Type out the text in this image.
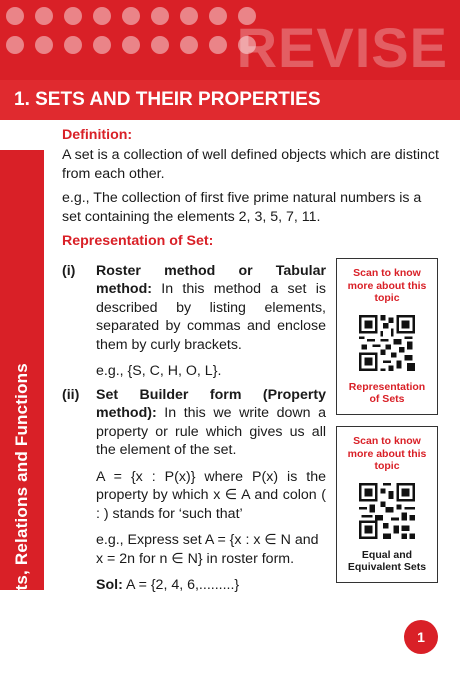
REVISE
1. SETS AND THEIR PROPERTIES
Unit - I: Sets, Relations and Functions
Definition:
A set is a collection of well defined objects which are distinct from each other.
e.g., The collection of first five prime natural numbers is a set containing the elements 2, 3, 5, 7, 11.
Representation of Set:
(i) Roster method or Tabular method: In this method a set is described by listing elements, separated by commas and enclose them by curly brackets.
e.g., {S, C, H, O, L}.
(ii) Set Builder form (Property method): In this we write down a property or rule which gives us all the element of the set.
A = {x : P(x)} where P(x) is the property by which x ∈ A and colon ( : ) stands for ‘such that’
e.g., Express set A = {x : x ∈ N and x = 2n for n ∈ N} in roster form.
Sol: A = {2, 4, 6,.........}
Scan to know more about this topic
Representation of Sets
Scan to know more about this topic
Equal and Equivalent Sets
1
